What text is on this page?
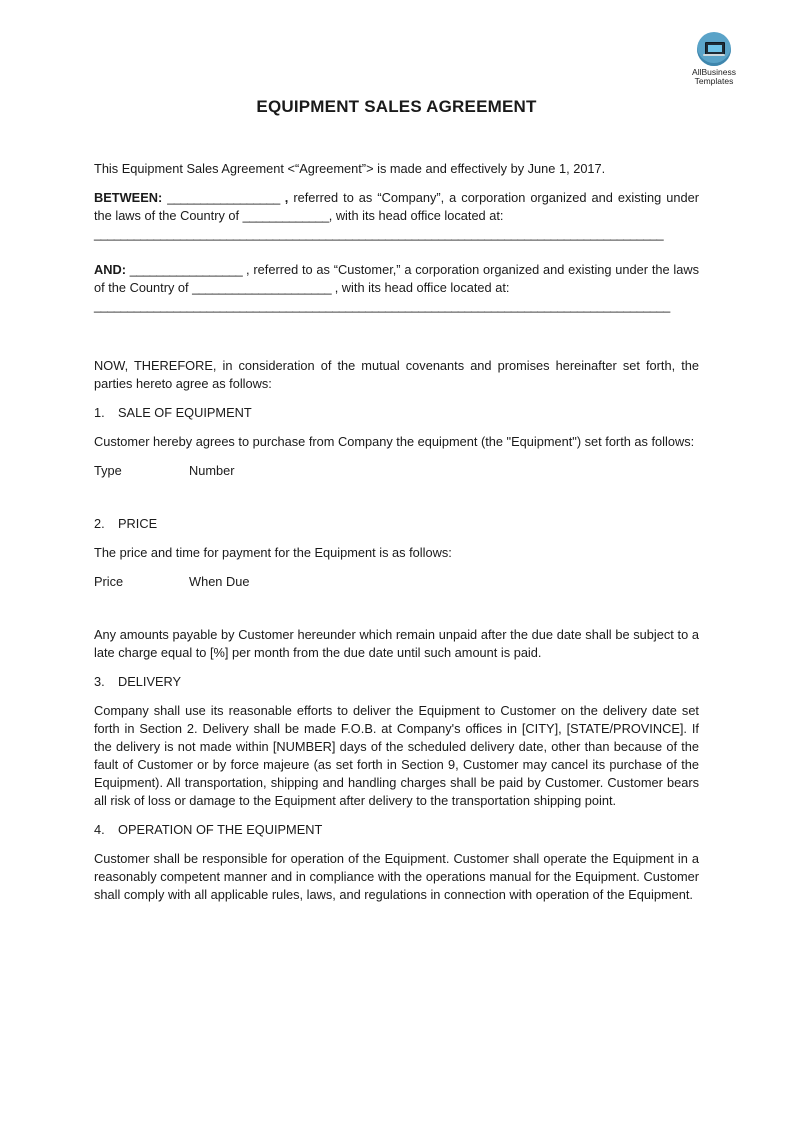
AllBusiness
Templates
EQUIPMENT SALES AGREEMENT

This Equipment Sales Agreement <“Agreement”> is made and effectively by June 1, 2017.

BETWEEN: _________________ , referred to as “Company”, a corporation organized and existing under the laws of the Country of _____________, with its head office located at:
______________________________________________________________________________________

AND: _________________ , referred to as “Customer,” a corporation organized and existing under the laws of the Country of _____________________ , with its head office located at:
_______________________________________________________________________________________

NOW, THEREFORE, in consideration of the mutual covenants and promises hereinafter set forth, the parties hereto agree as follows:

1. SALE OF EQUIPMENT

Customer hereby agrees to purchase from Company the equipment (the "Equipment") set forth as follows:

Type	Number
2. PRICE

The price and time for payment for the Equipment is as follows:

Price	When Due

Any amounts payable by Customer hereunder which remain unpaid after the due date shall be subject to a late charge equal to [%] per month from the due date until such amount is paid.

3. DELIVERY

Company shall use its reasonable efforts to deliver the Equipment to Customer on the delivery date set forth in Section 2. Delivery shall be made F.O.B. at Company's offices in [CITY], [STATE/PROVINCE]. If the delivery is not made within [NUMBER] days of the scheduled delivery date, other than because of the fault of Customer or by force majeure (as set forth in Section 9, Customer may cancel its purchase of the Equipment). All transportation, shipping and handling charges shall be paid by Customer. Customer bears all risk of loss or damage to the Equipment after delivery to the transportation shipping point.

4. OPERATION OF THE EQUIPMENT

Customer shall be responsible for operation of the Equipment. Customer shall operate the Equipment in a reasonably competent manner and in compliance with the operations manual for the Equipment. Customer shall comply with all applicable rules, laws, and regulations in connection with operation of the Equipment.
